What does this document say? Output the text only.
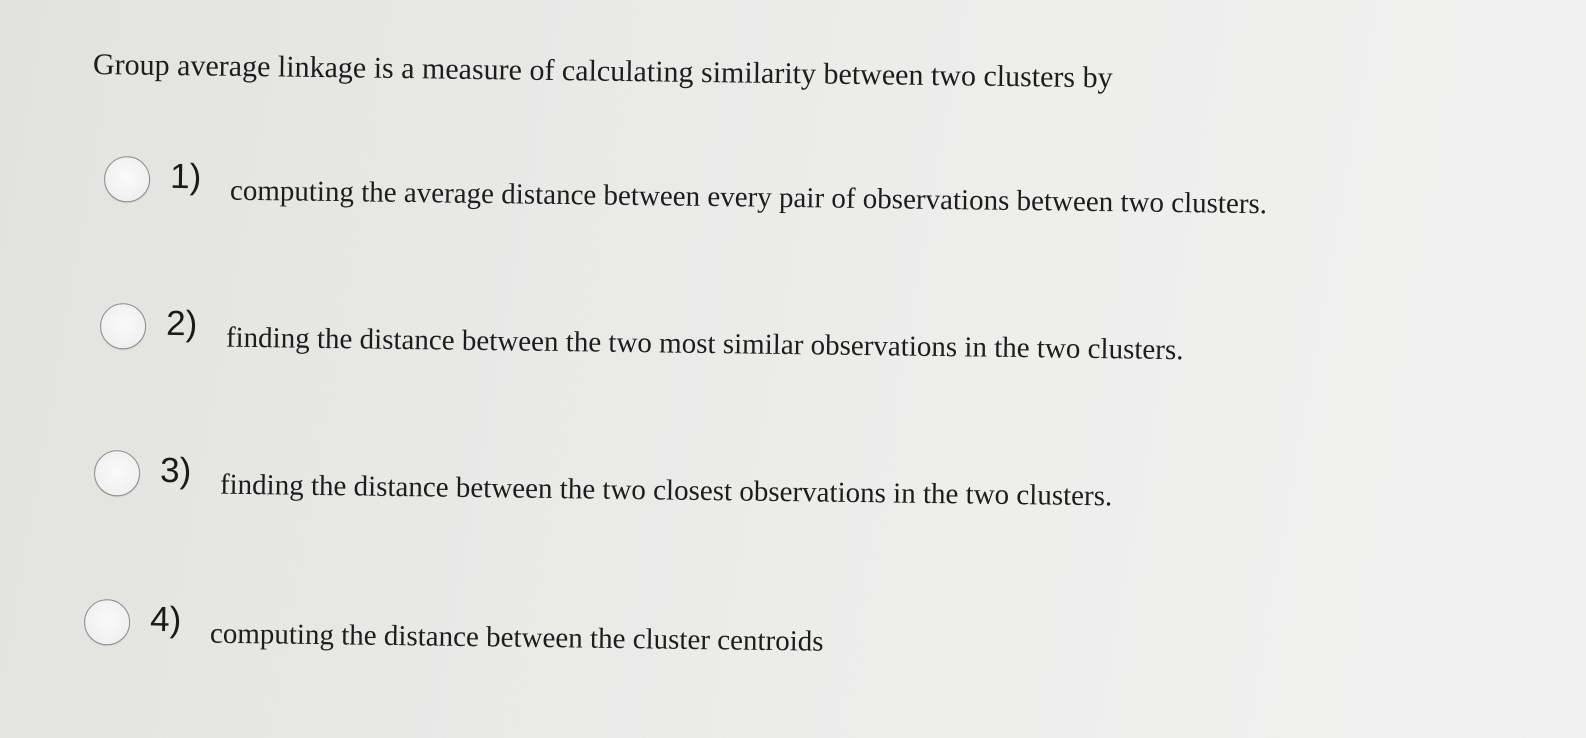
Group average linkage is a measure of calculating similarity between two clusters by

1) computing the average distance between every pair of observations between two clusters.
2) finding the distance between the two most similar observations in the two clusters.
3) finding the distance between the two closest observations in the two clusters.
4) computing the distance between the cluster centroids
